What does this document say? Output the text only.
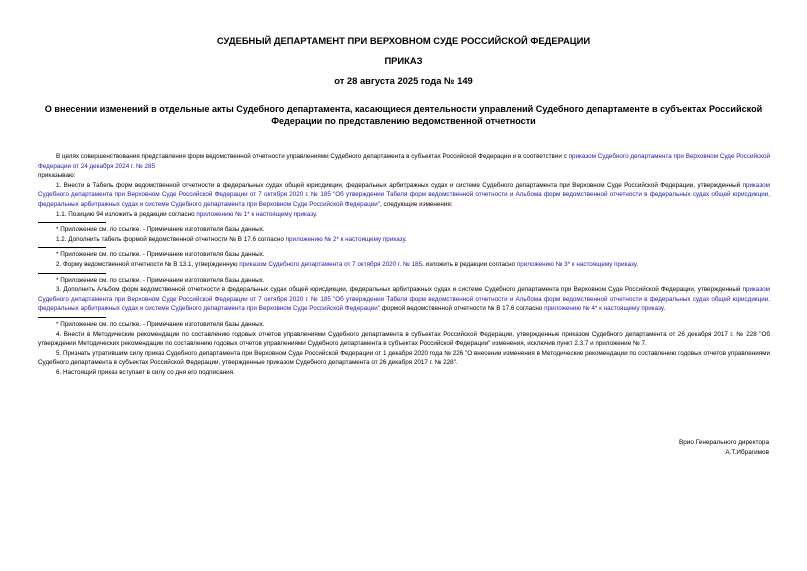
СУДЕБНЫЙ ДЕПАРТАМЕНТ ПРИ ВЕРХОВНОМ СУДЕ РОССИЙСКОЙ ФЕДЕРАЦИИ
ПРИКАЗ
от 28 августа 2025 года № 149
О внесении изменений в отдельные акты Судебного департамента, касающиеся деятельности управлений Судебного департаменте в субъектах Российской Федерации по представлению ведомственной отчетности

В целях совершенствования представления форм ведомственной отчетности управлениями Судебного департамента в субъектах Российской Федерации и в соответствии с приказом Судебного департамента при Верховном Суде Российской Федерации от 24 декабря 2024 г. № 285

приказываю:

1. Внести в Табель форм ведомственной отчетности в федеральных судах общей юрисдикции, федеральных арбитражных судах и системе Судебного департамента при Верховном Суде Российской Федерации, утвержденный приказом Судебного департамента при Верховном Суде Российской Федерации от 7 октября 2020 г. № 185 "Об утверждении Табеля форм ведомственной отчетности и Альбома форм ведомственной отчетности в федеральных судах общей юрисдикции, федеральных арбитражных судах и системе Судебного департамента при Верховном Суде Российской Федерации", следующие изменения:

1.1. Позицию 94 изложить в редакции согласно приложению № 1* к настоящему приказу.

* Приложение см. по ссылке. - Примечание изготовителя базы данных.

1.2. Дополнить табель формой ведомственной отчетности № В 17.6 согласно приложению № 2* к настоящему приказу.

* Приложение см. по ссылке. - Примечание изготовителя базы данных.

2. Форму ведомственной отчетности № В 13.1, утвержденную приказом Судебного департамента от 7 октября 2020 г. № 185, изложить в редакции согласно приложению № 3* к настоящему приказу.

* Приложение см. по ссылке. - Примечание изготовителя базы данных.

3. Дополнить Альбом форм ведомственной отчетности в федеральных судах общей юрисдикции, федеральных арбитражных судах и системе Судебного департамента при Верховном Суде Российской Федерации, утвержденный приказом Судебного департамента при Верховном Суде Российской Федерации от 7 октября 2020 г. № 185 "Об утверждении Табеля форм ведомственной отчетности и Альбома форм ведомственной отчетности в федеральных судах общей юрисдикции, федеральных арбитражных судах и системе Судебного департамента при Верховном Суде Российской Федерации" формой ведомственной отчетности № В 17.6 согласно приложению № 4* к настоящему приказу.

* Приложение см. по ссылке. - Примечание изготовителя базы данных.

4. Внести в Методические рекомендации по составлению годовых отчетов управлениями Судебного департамента в субъектах Российской Федерации, утвержденные приказом Судебного департамента от 26 декабря 2017 г. № 228 "Об утверждении Методических рекомендации по составлению годовых отчетов управлениями Судебного департамента в субъектах Российской Федерации" изменения, исключив пункт 2.3.7 и приложение № 7.

5. Признать утратившим силу приказ Судебного департамента при Верховном Суде Российской Федерации от 1 декабря 2020 года № 226 "О внесении изменения в Методические рекомендации по составлению годовых отчетов управлениями Судебного департамента в субъектах Российской Федерации, утвержденные приказом Судебного департамента от 26 декабря 2017 г. № 228".

6. Настоящий приказ вступает в силу со дня его подписания.

Врио Генерального директора
А.Т.Ибрагимов
